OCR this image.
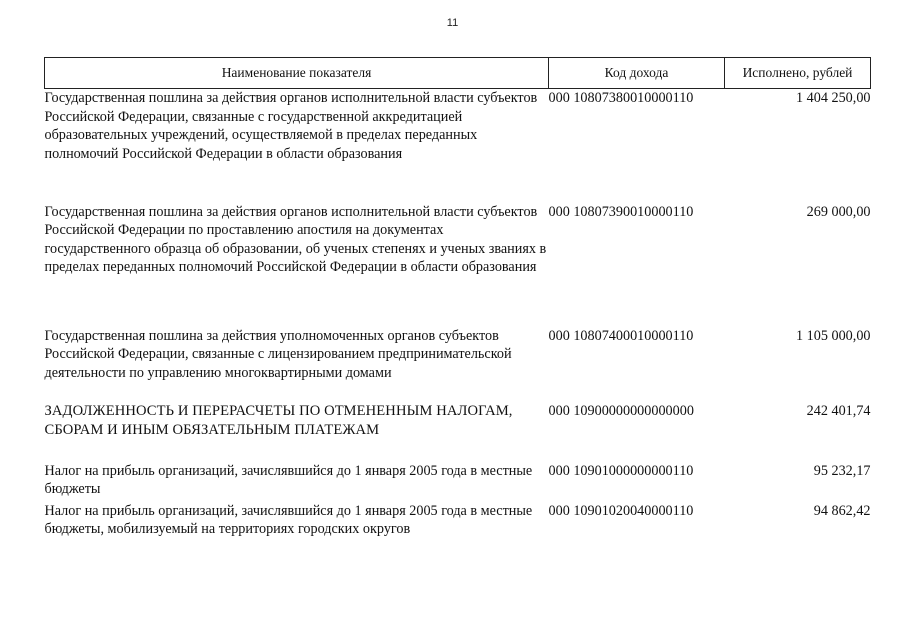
11
Наименование показателя	Код дохода	Исполнено, рублей
Государственная пошлина за действия органов исполнительной власти субъектов Российской Федерации, связанные с государственной аккредитацией образовательных учреждений, осуществляемой в пределах переданных полномочий Российской Федерации в области образования	000 10807380010000110	1 404 250,00
Государственная пошлина за действия органов исполнительной власти субъектов Российской Федерации по проставлению апостиля на документах государственного образца об образовании, об ученых степенях и ученых званиях в пределах переданных полномочий Российской Федерации в области образования	000 10807390010000110	269 000,00
Государственная пошлина за действия уполномоченных органов субъектов Российской Федерации, связанные с лицензированием предпринимательской деятельности по управлению многоквартирными домами	000 10807400010000110	1 105 000,00
ЗАДОЛЖЕННОСТЬ И ПЕРЕРАСЧЕТЫ ПО ОТМЕНЕННЫМ НАЛОГАМ, СБОРАМ И ИНЫМ ОБЯЗАТЕЛЬНЫМ ПЛАТЕЖАМ	000 10900000000000000	242 401,74
Налог на прибыль организаций, зачислявшийся до 1 января 2005 года в местные бюджеты	000 10901000000000110	95 232,17
Налог на прибыль организаций, зачислявшийся до 1 января 2005 года в местные бюджеты, мобилизуемый на территориях городских округов	000 10901020040000110	94 862,42
